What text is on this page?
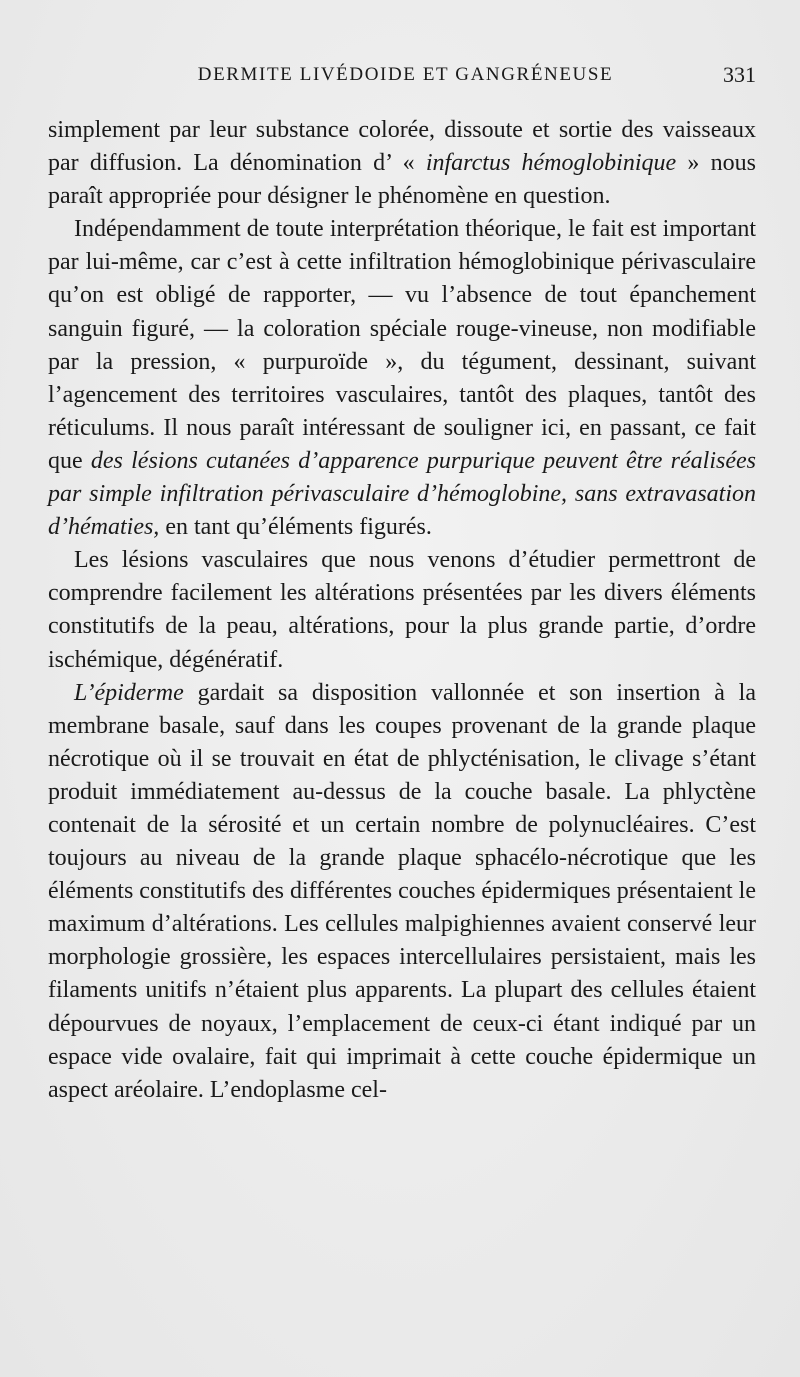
DERMITE LIVÉDOIDE ET GANGRÉNEUSE	331

simplement par leur substance colorée, dissoute et sortie des vaisseaux par diffusion. La dénomination d’ « infarctus hémoglobinique » nous paraît appropriée pour désigner le phénomène en question.

Indépendamment de toute interprétation théorique, le fait est important par lui-même, car c’est à cette infiltration hémoglobinique périvasculaire qu’on est obligé de rapporter, — vu l’absence de tout épanchement sanguin figuré, — la coloration spéciale rouge-vineuse, non modifiable par la pression, « purpuroïde », du tégument, dessinant, suivant l’agencement des territoires vasculaires, tantôt des plaques, tantôt des réticulums. Il nous paraît intéressant de souligner ici, en passant, ce fait que des lésions cutanées d’apparence purpurique peuvent être réalisées par simple infiltration périvasculaire d’hémoglobine, sans extravasation d’hématies, en tant qu’éléments figurés.

Les lésions vasculaires que nous venons d’étudier permettront de comprendre facilement les altérations présentées par les divers éléments constitutifs de la peau, altérations, pour la plus grande partie, d’ordre ischémique, dégénératif.

L’épiderme gardait sa disposition vallonnée et son insertion à la membrane basale, sauf dans les coupes provenant de la grande plaque nécrotique où il se trouvait en état de phlycténisation, le clivage s’étant produit immédiatement au-dessus de la couche basale. La phlyctène contenait de la sérosité et un certain nombre de polynucléaires. C’est toujours au niveau de la grande plaque sphacélo-nécrotique que les éléments constitutifs des différentes couches épidermiques présentaient le maximum d’altérations. Les cellules malpighiennes avaient conservé leur morphologie grossière, les espaces intercellulaires persistaient, mais les filaments unitifs n’étaient plus apparents. La plupart des cellules étaient dépourvues de noyaux, l’emplacement de ceux-ci étant indiqué par un espace vide ovalaire, fait qui imprimait à cette couche épidermique un aspect aréolaire. L’endoplasme cel-
